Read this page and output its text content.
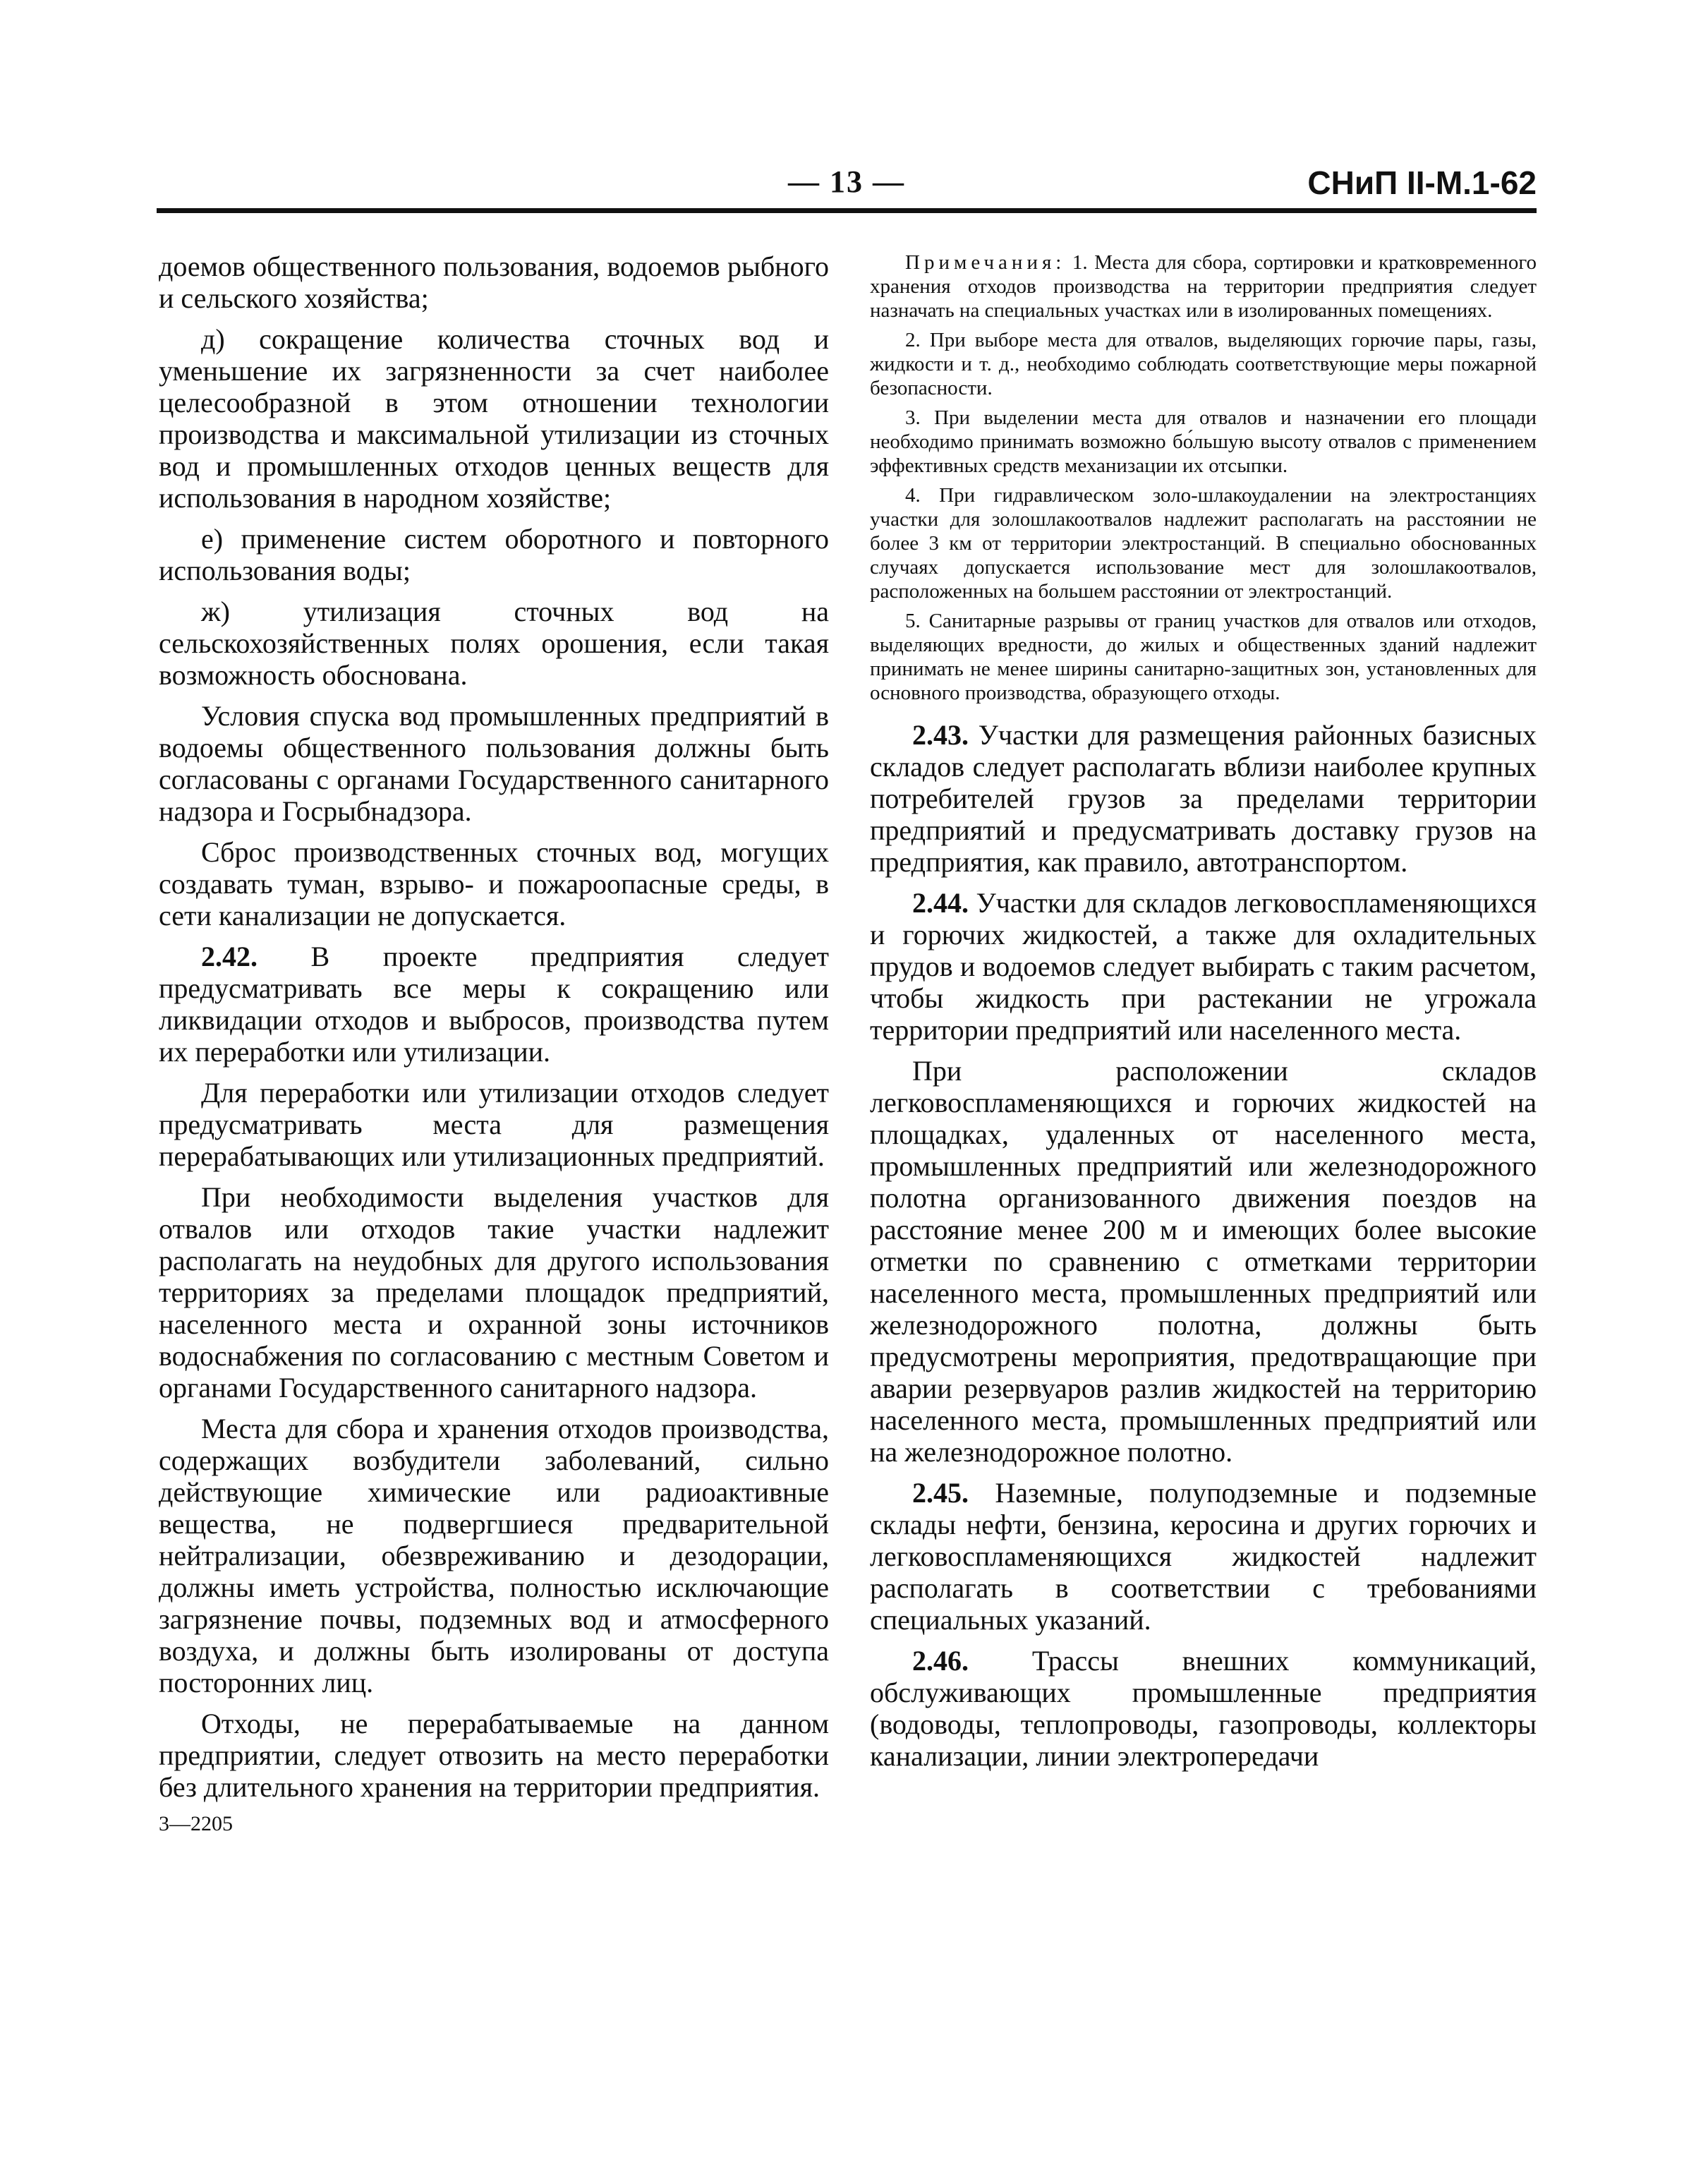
— 13 —	СНиП II-М.1-62

доемов общественного пользования, водоемов рыбного и сельского хозяйства;

д) сокращение количества сточных вод и уменьшение их загрязненности за счет наиболее целесообразной в этом отношении технологии производства и максимальной утилизации из сточных вод и промышленных отходов ценных веществ для использования в народном хозяйстве;

е) применение систем оборотного и повторного использования воды;

ж) утилизация сточных вод на сельскохозяйственных полях орошения, если такая возможность обоснована.

Условия спуска вод промышленных предприятий в водоемы общественного пользования должны быть согласованы с органами Государственного санитарного надзора и Госрыбнадзора.

Сброс производственных сточных вод, могущих создавать туман, взрыво- и пожароопасные среды, в сети канализации не допускается.

2.42. В проекте предприятия следует предусматривать все меры к сокращению или ликвидации отходов и выбросов, производства путем их переработки или утилизации.

Для переработки или утилизации отходов следует предусматривать места для размещения перерабатывающих или утилизационных предприятий.

При необходимости выделения участков для отвалов или отходов такие участки надлежит располагать на неудобных для другого использования территориях за пределами площадок предприятий, населенного места и охранной зоны источников водоснабжения по согласованию с местным Советом и органами Государственного санитарного надзора.

Места для сбора и хранения отходов производства, содержащих возбудители заболеваний, сильно действующие химические или радиоактивные вещества, не подвергшиеся предварительной нейтрализации, обезвреживанию и дезодорации, должны иметь устройства, полностью исключающие загрязнение почвы, подземных вод и атмосферного воздуха, и должны быть изолированы от доступа посторонних лиц.

Отходы, не перерабатываемые на данном предприятии, следует отвозить на место переработки без длительного хранения на территории предприятия.

3—2205

Примечания: 1. Места для сбора, сортировки и кратковременного хранения отходов производства на территории предприятия следует назначать на специальных участках или в изолированных помещениях.

2. При выборе места для отвалов, выделяющих горючие пары, газы, жидкости и т. д., необходимо соблюдать соответствующие меры пожарной безопасности.

3. При выделении места для отвалов и назначении его площади необходимо принимать возможно бо́льшую высоту отвалов с применением эффективных средств механизации их отсыпки.

4. При гидравлическом золо-шлакоудалении на электростанциях участки для золошлакоотвалов надлежит располагать на расстоянии не более 3 км от территории электростанций. В специально обоснованных случаях допускается использование мест для золошлакоотвалов, расположенных на большем расстоянии от электростанций.

5. Санитарные разрывы от границ участков для отвалов или отходов, выделяющих вредности, до жилых и общественных зданий надлежит принимать не менее ширины санитарно-защитных зон, установленных для основного производства, образующего отходы.

2.43. Участки для размещения районных базисных складов следует располагать вблизи наиболее крупных потребителей грузов за пределами территории предприятий и предусматривать доставку грузов на предприятия, как правило, автотранспортом.

2.44. Участки для складов легковоспламеняющихся и горючих жидкостей, а также для охладительных прудов и водоемов следует выбирать с таким расчетом, чтобы жидкость при растекании не угрожала территории предприятий или населенного места.

При расположении складов легковоспламеняющихся и горючих жидкостей на площадках, удаленных от населенного места, промышленных предприятий или железнодорожного полотна организованного движения поездов на расстояние менее 200 м и имеющих более высокие отметки по сравнению с отметками территории населенного места, промышленных предприятий или железнодорожного полотна, должны быть предусмотрены мероприятия, предотвращающие при аварии резервуаров разлив жидкостей на территорию населенного места, промышленных предприятий или на железнодорожное полотно.

2.45. Наземные, полуподземные и подземные склады нефти, бензина, керосина и других горючих и легковоспламеняющихся жидкостей надлежит располагать в соответствии с требованиями специальных указаний.

2.46. Трассы внешних коммуникаций, обслуживающих промышленные предприятия (водоводы, теплопроводы, газопроводы, коллекторы канализации, линии электропередачи
